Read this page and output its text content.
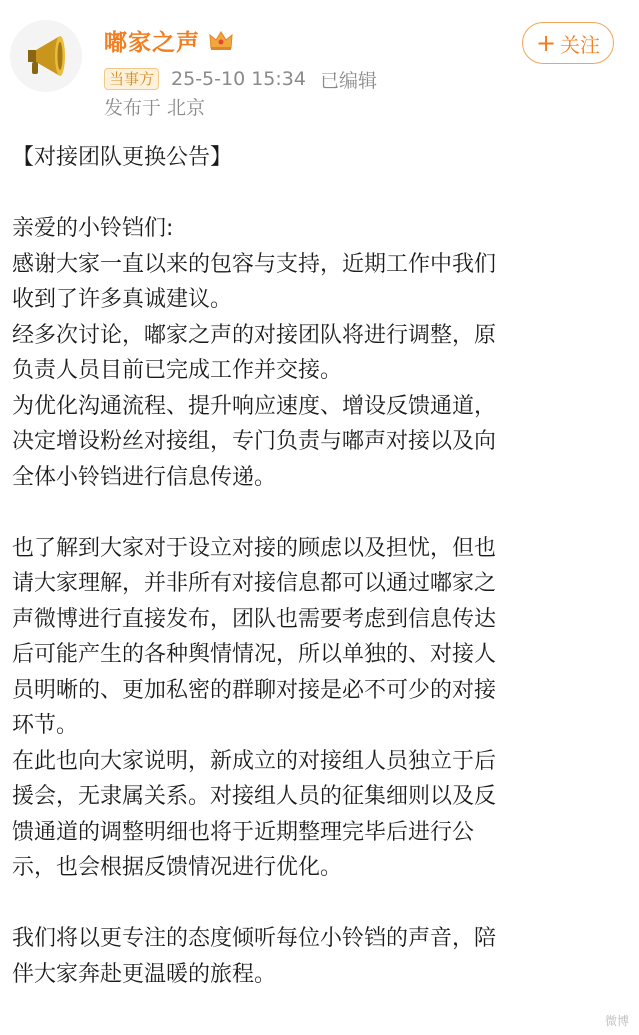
嘟家之声
当事方 25-5-10 15:34 已编辑
发布于 北京
+ 关注
【对接团队更换公告】
亲爱的小铃铛们:
感谢大家一直以来的包容与支持，近期工作中我们
收到了许多真诚建议。
经多次讨论，嘟家之声的对接团队将进行调整，原
负责人员目前已完成工作并交接。
为优化沟通流程、提升响应速度、增设反馈通道，
决定增设粉丝对接组，专门负责与嘟声对接以及向
全体小铃铛进行信息传递。
也了解到大家对于设立对接的顾虑以及担忧，但也
请大家理解，并非所有对接信息都可以通过嘟家之
声微博进行直接发布，团队也需要考虑到信息传达
后可能产生的各种舆情情况，所以单独的、对接人
员明晰的、更加私密的群聊对接是必不可少的对接
环节。
在此也向大家说明，新成立的对接组人员独立于后
援会，无隶属关系。对接组人员的征集细则以及反
馈通道的调整明细也将于近期整理完毕后进行公
示，也会根据反馈情况进行优化。
我们将以更专注的态度倾听每位小铃铛的声音，陪
伴大家奔赴更温暖的旅程。
微博
